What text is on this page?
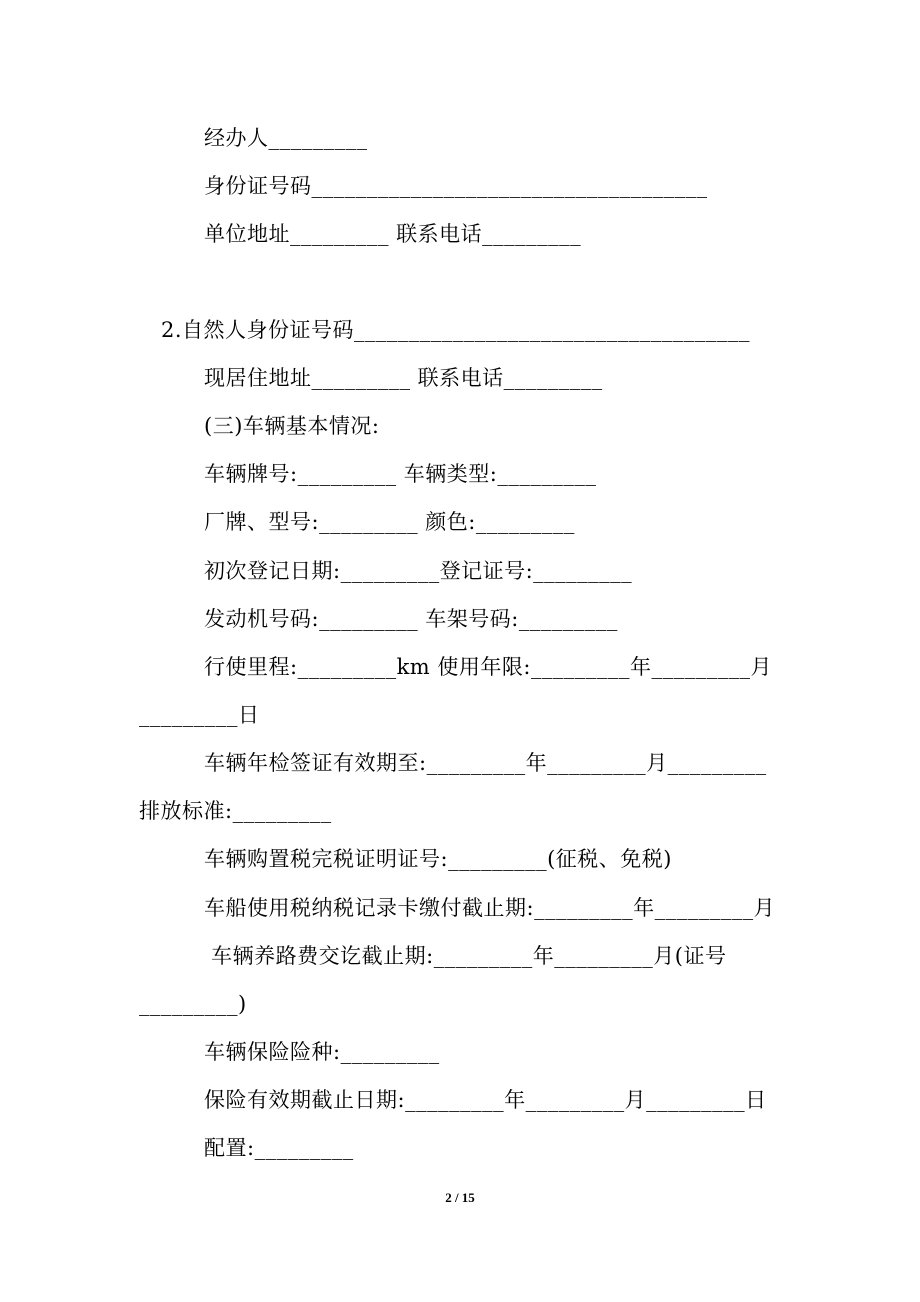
经办人_________
身份证号码____________________________________
单位地址_________ 联系电话_________
2.自然人身份证号码____________________________________
现居住地址_________ 联系电话_________
(三)车辆基本情况:
车辆牌号:_________ 车辆类型:_________
厂牌、型号:_________ 颜色:_________
初次登记日期:_________登记证号:_________
发动机号码:_________ 车架号码:_________
行使里程:_________km 使用年限:_________年_________月
_________日
车辆年检签证有效期至:_________年_________月_________
排放标准:_________
车辆购置税完税证明证号:_________(征税、免税)
车船使用税纳税记录卡缴付截止期:_________年_________月
车辆养路费交讫截止期:_________年_________月(证号
_________)
车辆保险险种:_________
保险有效期截止日期:_________年_________月_________日
配置:_________
2 / 15
